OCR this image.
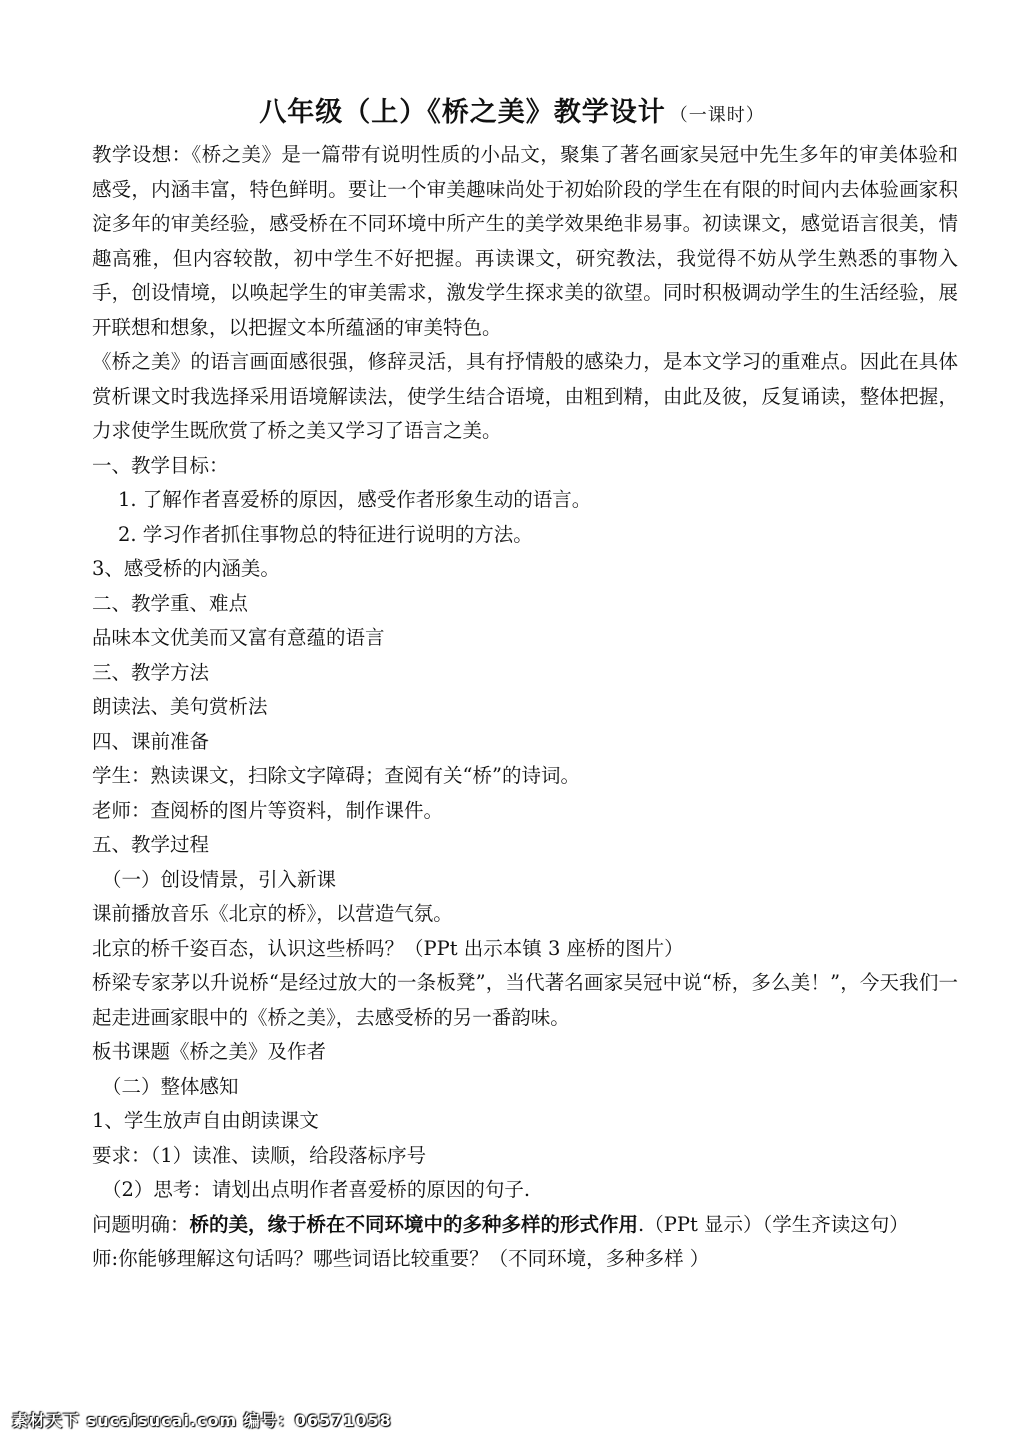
八年级（上）《桥之美》教学设计 （一课时）

教学设想：《桥之美》是一篇带有说明性质的小品文，聚集了著名画家吴冠中先生多年的审美体验和感受，内涵丰富，特色鲜明。要让一个审美趣味尚处于初始阶段的学生在有限的时间内去体验画家积淀多年的审美经验，感受桥在不同环境中所产生的美学效果绝非易事。初读课文，感觉语言很美，情趣高雅，但内容较散，初中学生不好把握。再读课文，研究教法，我觉得不妨从学生熟悉的事物入手，创设情境，以唤起学生的审美需求，激发学生探求美的欲望。同时积极调动学生的生活经验，展开联想和想象，以把握文本所蕴涵的审美特色。

《桥之美》的语言画面感很强，修辞灵活，具有抒情般的感染力，是本文学习的重难点。因此在具体赏析课文时我选择采用语境解读法，使学生结合语境，由粗到精，由此及彼，反复诵读，整体把握，力求使学生既欣赏了桥之美又学习了语言之美。

一、教学目标：

1. 了解作者喜爱桥的原因，感受作者形象生动的语言。

2. 学习作者抓住事物总的特征进行说明的方法。

3、感受桥的内涵美。

二、教学重、难点

品味本文优美而又富有意蕴的语言

三、教学方法

朗读法、美句赏析法

四、课前准备

学生：熟读课文，扫除文字障碍；查阅有关“桥”的诗词。

老师：查阅桥的图片等资料，制作课件。

五、教学过程

（一）创设情景，引入新课

课前播放音乐《北京的桥》，以营造气氛。

北京的桥千姿百态，认识这些桥吗？（PPt 出示本镇 3 座桥的图片）

桥梁专家茅以升说桥“是经过放大的一条板凳”，当代著名画家吴冠中说“桥，多么美！”，今天我们一起走进画家眼中的《桥之美》，去感受桥的另一番韵味。

板书课题《桥之美》及作者

（二）整体感知

1、学生放声自由朗读课文

要求：（1）读准、读顺，给段落标序号

（2）思考：请划出点明作者喜爱桥的原因的句子.

问题明确：桥的美，缘于桥在不同环境中的多种多样的形式作用.（PPt 显示）（学生齐读这句）

师:你能够理解这句话吗？哪些词语比较重要？（不同环境，多种多样 ）

素材天下 sucaisucai.com 编号：06571058
